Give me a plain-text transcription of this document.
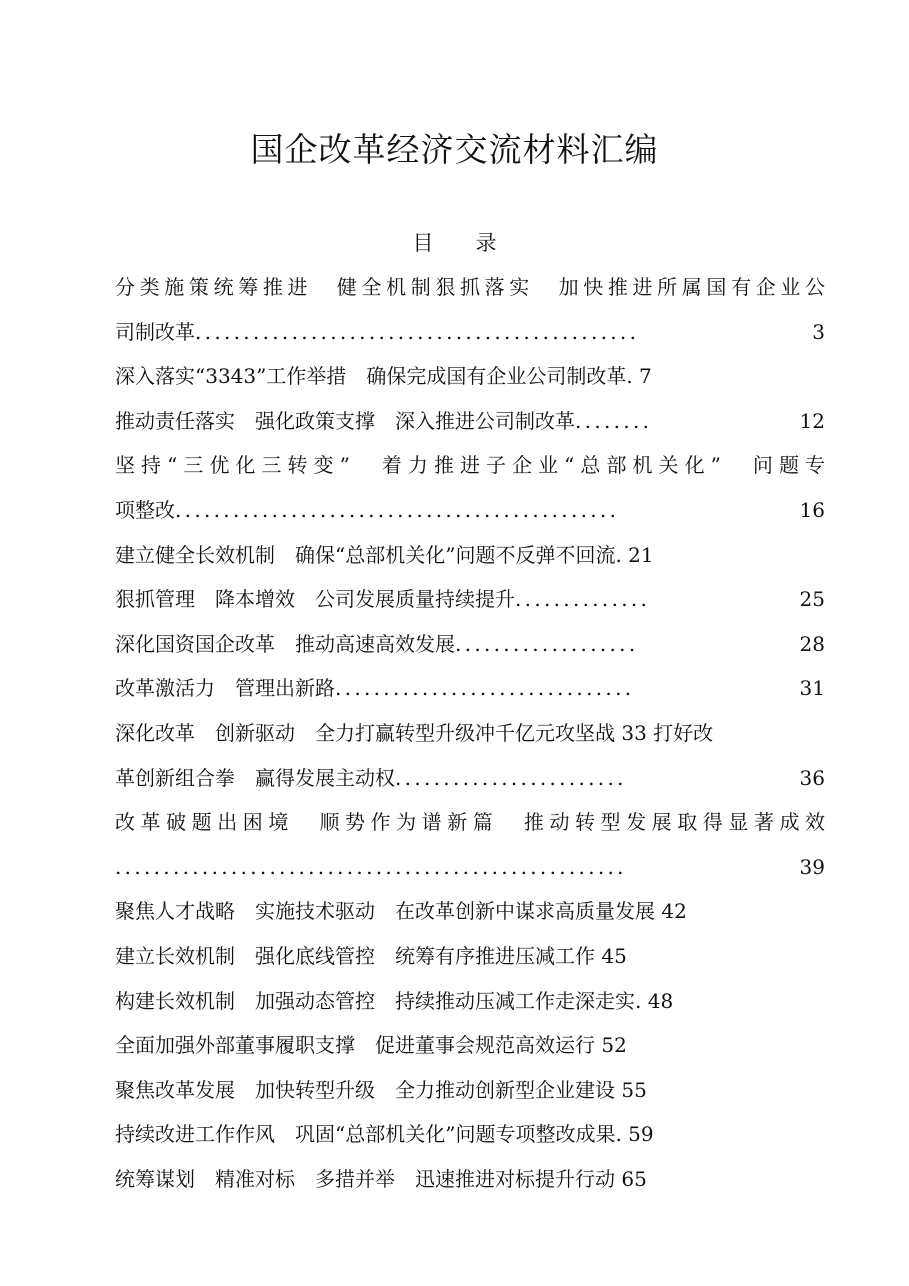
国企改革经济交流材料汇编
目 录
分类施策统筹推进　健全机制狠抓落实　加快推进所属国有企业公
司制改革 ..............................................	3
深入落实“3343”工作举措　确保完成国有企业公司制改革. 7
推动责任落实　强化政策支撑　深入推进公司制改革 ........	12
坚持“三优化三转变”　着力推进子企业“总部机关化”　问题专
项整改 ..............................................	16
建立健全长效机制　确保“总部机关化”问题不反弹不回流. 21
狠抓管理　降本增效　公司发展质量持续提升 ..............	25
深化国资国企改革　推动高速高效发展 ...................	28
改革激活力　管理出新路 ...............................	31
深化改革　创新驱动　全力打赢转型升级冲千亿元攻坚战 33 打好改
革创新组合拳　赢得发展主动权 ........................	36
改革破题出困境　顺势作为谱新篇　推动转型发展取得显著成效
.....................................................	39
聚焦人才战略　实施技术驱动　在改革创新中谋求高质量发展 42
建立长效机制　强化底线管控　统筹有序推进压减工作 45
构建长效机制　加强动态管控　持续推动压减工作走深走实. 48
全面加强外部董事履职支撑　促进董事会规范高效运行 52
聚焦改革发展　加快转型升级　全力推动创新型企业建设 55
持续改进工作作风　巩固“总部机关化”问题专项整改成果. 59
统筹谋划　精准对标　多措并举　迅速推进对标提升行动 65
